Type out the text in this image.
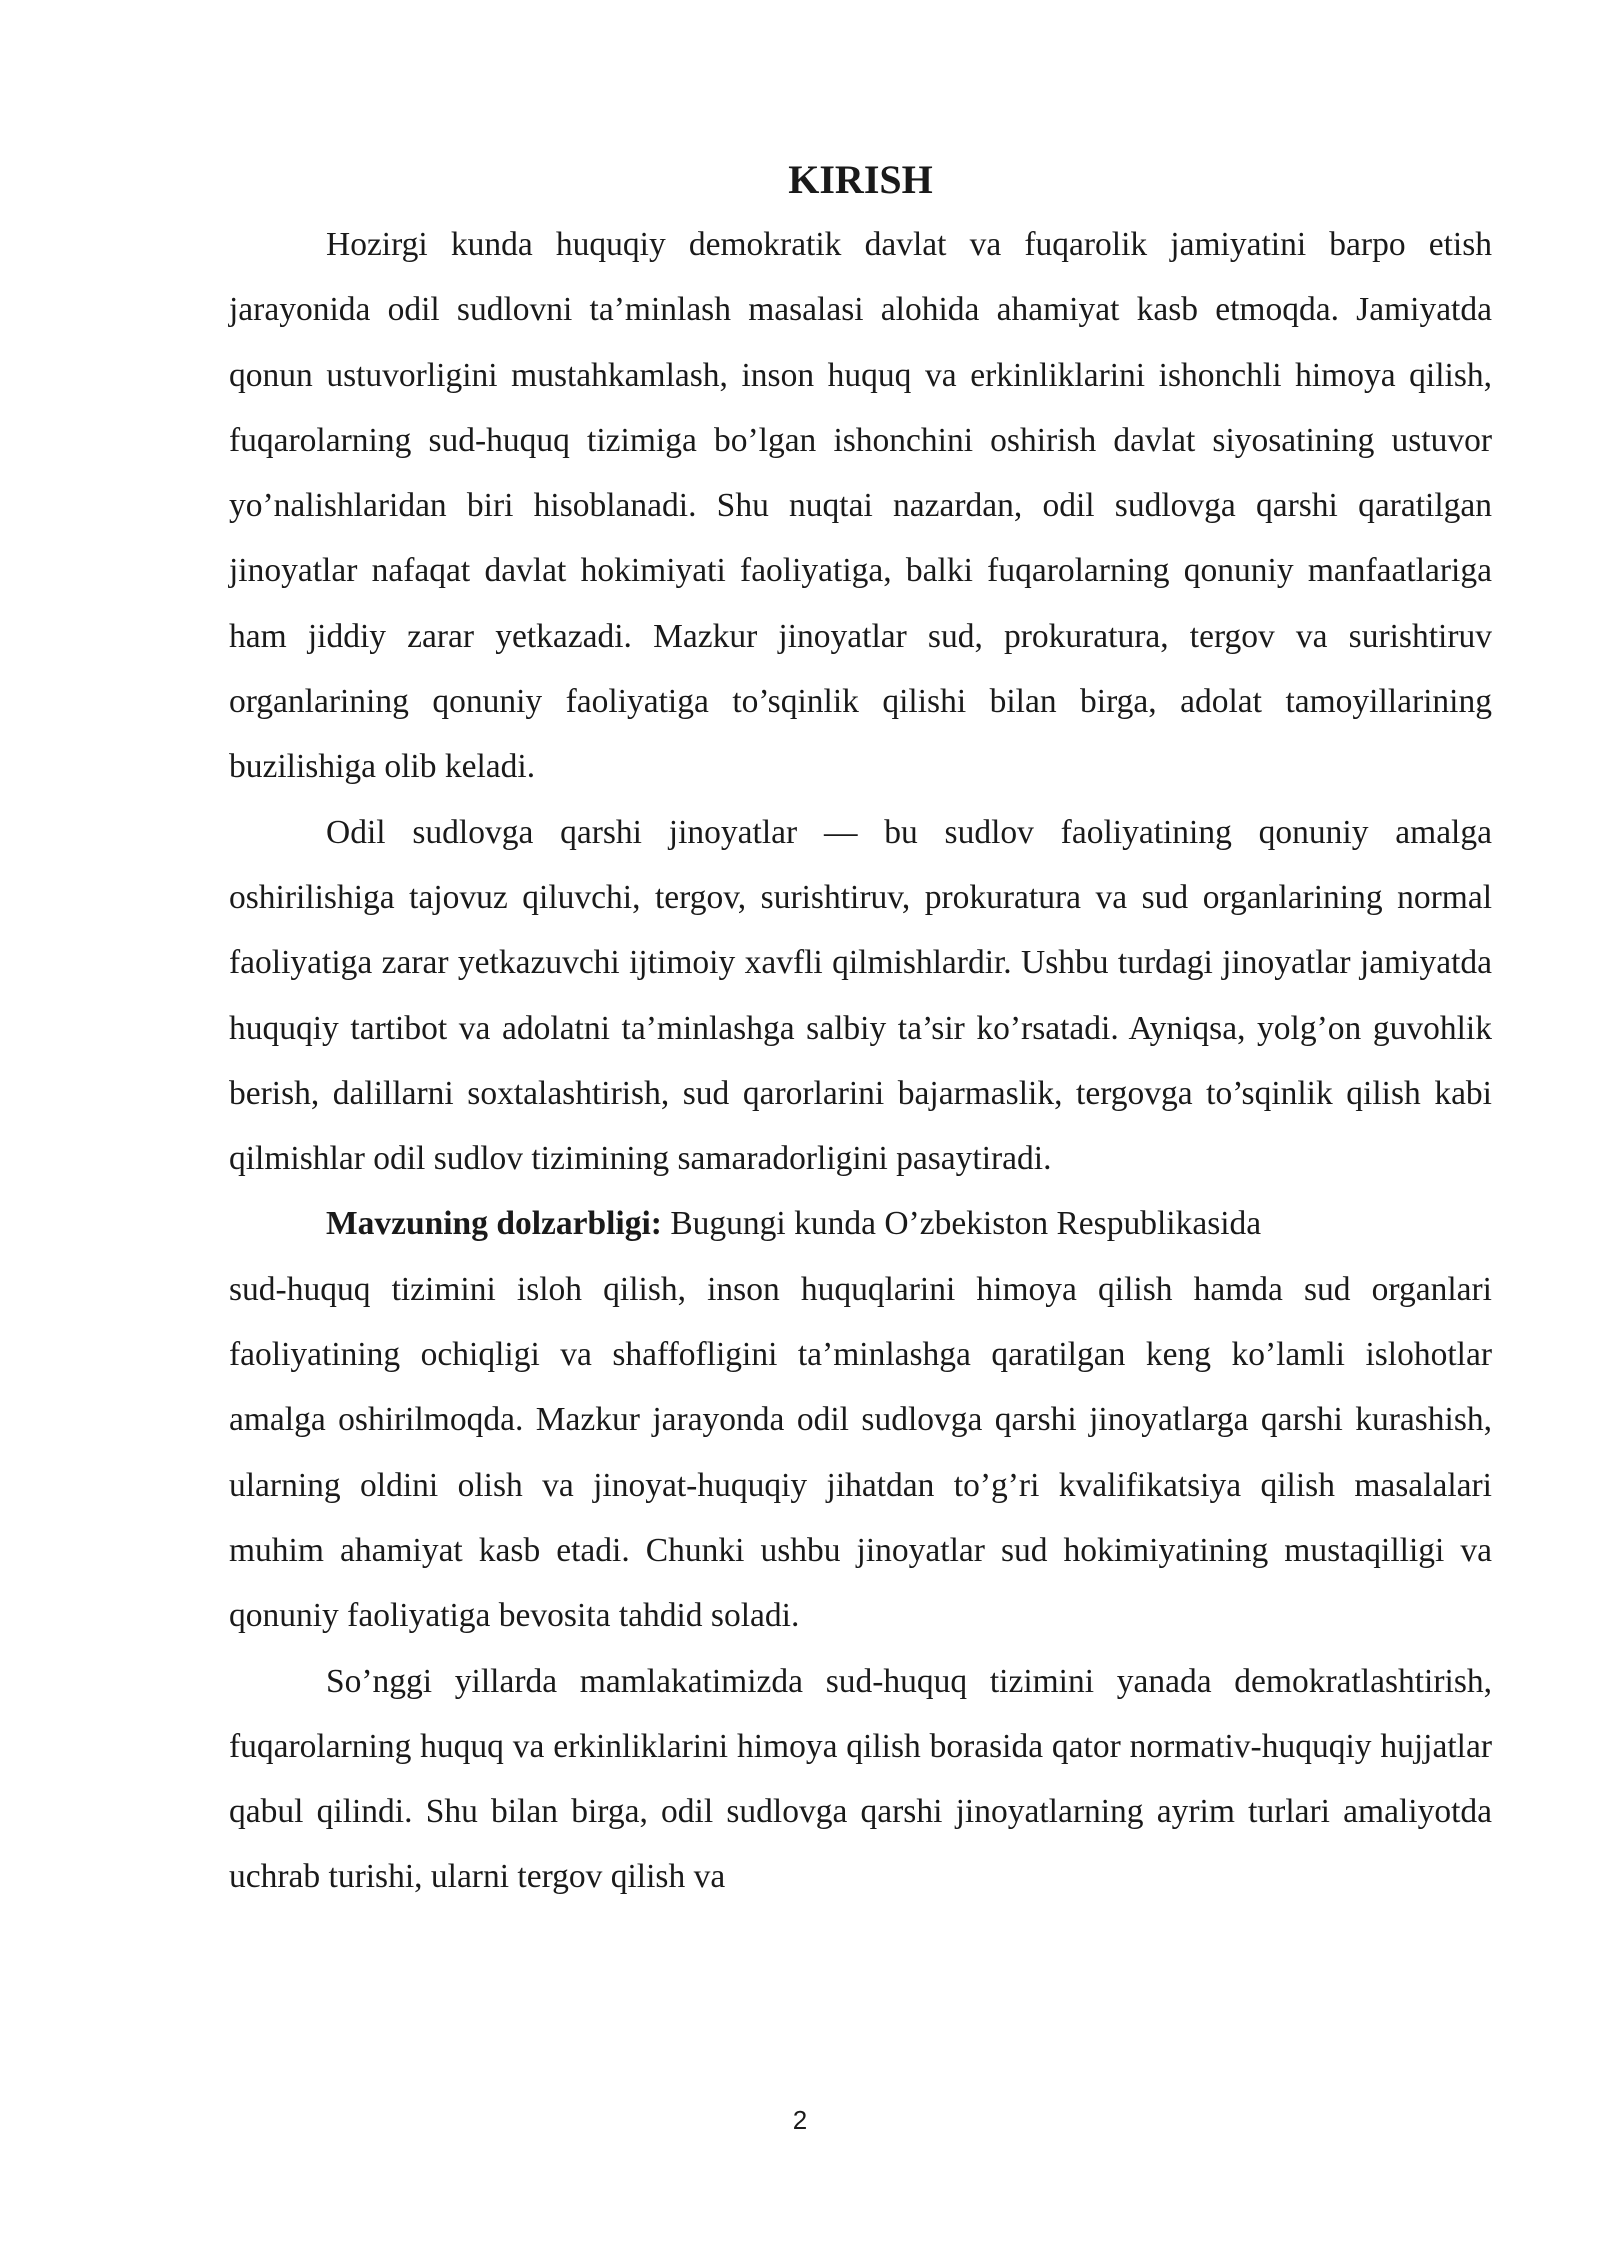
KIRISH

Hozirgi kunda huquqiy demokratik davlat va fuqarolik jamiyatini barpo etish jarayonida odil sudlovni ta’minlash masalasi alohida ahamiyat kasb etmoqda. Jamiyatda qonun ustuvorligini mustahkamlash, inson huquq va erkinliklarini ishonchli himoya qilish, fuqarolarning sud-huquq tizimiga bo’lgan ishonchini oshirish davlat siyosatining ustuvor yo’nalishlaridan biri hisoblanadi. Shu nuqtai nazardan, odil sudlovga qarshi qaratilgan jinoyatlar nafaqat davlat hokimiyati faoliyatiga, balki fuqarolarning qonuniy manfaatlariga ham jiddiy zarar yetkazadi. Mazkur jinoyatlar sud, prokuratura, tergov va surishtiruv organlarining qonuniy faoliyatiga to’sqinlik qilishi bilan birga, adolat tamoyillarining buzilishiga olib keladi.

Odil sudlovga qarshi jinoyatlar — bu sudlov faoliyatining qonuniy amalga oshirilishiga tajovuz qiluvchi, tergov, surishtiruv, prokuratura va sud organlarining normal faoliyatiga zarar yetkazuvchi ijtimoiy xavfli qilmishlardir. Ushbu turdagi jinoyatlar jamiyatda huquqiy tartibot va adolatni ta’minlashga salbiy ta’sir ko’rsatadi. Ayniqsa, yolg’on guvohlik berish, dalillarni soxtalashtirish, sud qarorlarini bajarmaslik, tergovga to’sqinlik qilish kabi qilmishlar odil sudlov tizimining samaradorligini pasaytiradi.

Mavzuning dolzarbligi: Bugungi kunda O’zbekiston Respublikasida

sud-huquq tizimini isloh qilish, inson huquqlarini himoya qilish hamda sud organlari faoliyatining ochiqligi va shaffofligini ta’minlashga qaratilgan keng ko’lamli islohotlar amalga oshirilmoqda. Mazkur jarayonda odil sudlovga qarshi jinoyatlarga qarshi kurashish, ularning oldini olish va jinoyat-huquqiy jihatdan to’g’ri kvalifikatsiya qilish masalalari muhim ahamiyat kasb etadi. Chunki ushbu jinoyatlar sud hokimiyatining mustaqilligi va qonuniy faoliyatiga bevosita tahdid soladi.

So’nggi yillarda mamlakatimizda sud-huquq tizimini yanada demokratlashtirish, fuqarolarning huquq va erkinliklarini himoya qilish borasida qator normativ-huquqiy hujjatlar qabul qilindi. Shu bilan birga, odil sudlovga qarshi jinoyatlarning ayrim turlari amaliyotda uchrab turishi, ularni tergov qilish va

2
